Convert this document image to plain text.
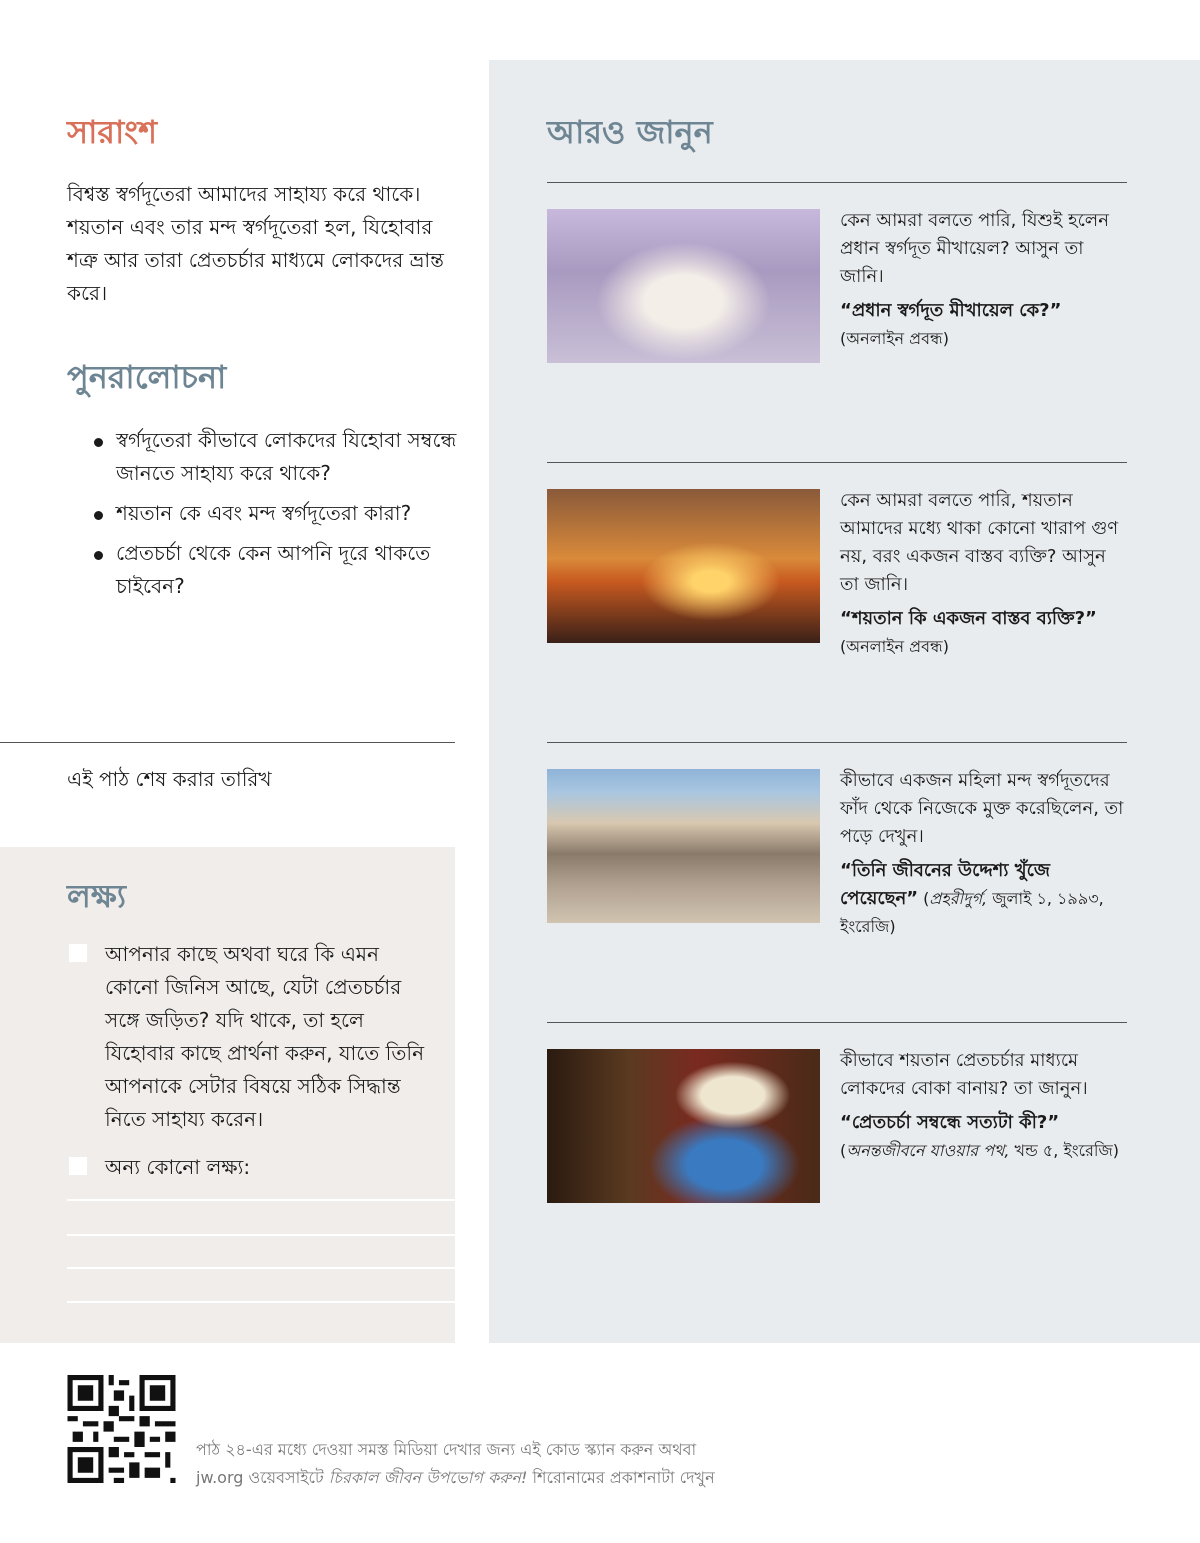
সারাংশ

বিশ্বস্ত স্বর্গদূতেরা আমাদের সাহায্য করে থাকে। শয়তান এবং তার মন্দ স্বর্গদূতেরা হল, যিহোবার শত্রু আর তারা প্রেতচর্চার মাধ্যমে লোকদের ভ্রান্ত করে।

পুনরালোচনা
স্বর্গদূতেরা কীভাবে লোকদের যিহোবা সম্বন্ধে জানতে সাহায্য করে থাকে?
শয়তান কে এবং মন্দ স্বর্গদূতেরা কারা?
প্রেতচর্চা থেকে কেন আপনি দূরে থাকতে চাইবেন?

এই পাঠ শেষ করার তারিখ

লক্ষ্য
আপনার কাছে অথবা ঘরে কি এমন কোনো জিনিস আছে, যেটা প্রেতচর্চার সঙ্গে জড়িত? যদি থাকে, তা হলে যিহোবার কাছে প্রার্থনা করুন, যাতে তিনি আপনাকে সেটার বিষয়ে সঠিক সিদ্ধান্ত নিতে সাহায্য করেন।
অন্য কোনো লক্ষ্য:
আরও জানুন

কেন আমরা বলতে পারি, যিশুই হলেন প্রধান স্বর্গদূত মীখায়েল? আসুন তা জানি।

“প্রধান স্বর্গদূত মীখায়েল কে?”

(অনলাইন প্রবন্ধ)

কেন আমরা বলতে পারি, শয়তান আমাদের মধ্যে থাকা কোনো খারাপ গুণ নয়, বরং একজন বাস্তব ব্যক্তি? আসুন তা জানি।

“শয়তান কি একজন বাস্তব ব্যক্তি?”

(অনলাইন প্রবন্ধ)

কীভাবে একজন মহিলা মন্দ স্বর্গদূতদের ফাঁদ থেকে নিজেকে মুক্ত করেছিলেন, তা পড়ে দেখুন।

“তিনি জীবনের উদ্দেশ্য খুঁজে পেয়েছেন” (প্রহরীদুর্গ, জুলাই ১, ১৯৯৩, ইংরেজি)

কীভাবে শয়তান প্রেতচর্চার মাধ্যমে লোকদের বোকা বানায়? তা জানুন।

“প্রেতচর্চা সম্বন্ধে সত্যটা কী?”

(অনন্তজীবনে যাওয়ার পথ, খন্ড ৫, ইংরেজি)

পাঠ ২৪-এর মধ্যে দেওয়া সমস্ত মিডিয়া দেখার জন্য এই কোড স্ক্যান করুন অথবা

jw.org ওয়েবসাইটে চিরকাল জীবন উপভোগ করুন! শিরোনামের প্রকাশনাটা দেখুন
